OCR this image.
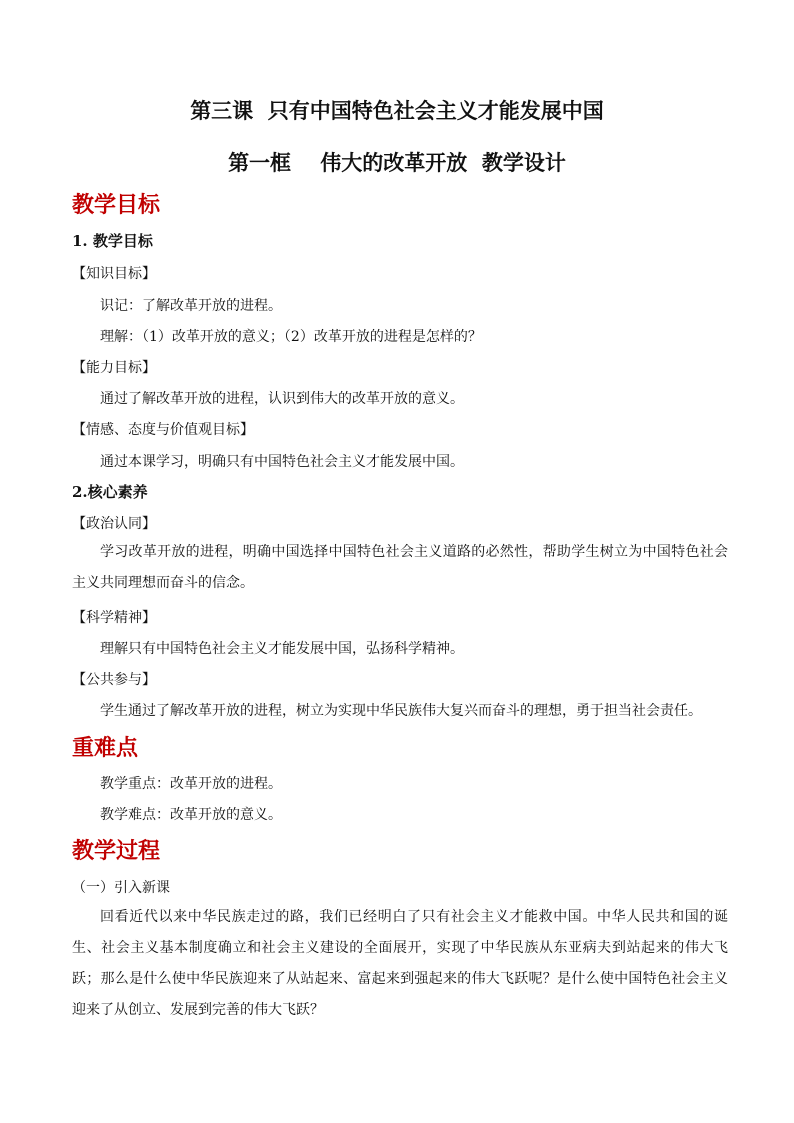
第三课  只有中国特色社会主义才能发展中国
第一框    伟大的改革开放  教学设计
教学目标
1. 教学目标
【知识目标】
识记：了解改革开放的进程。
理解：（1）改革开放的意义；（2）改革开放的进程是怎样的？
【能力目标】
通过了解改革开放的进程，认识到伟大的改革开放的意义。
【情感、态度与价值观目标】
通过本课学习，明确只有中国特色社会主义才能发展中国。
2.核心素养
【政治认同】
学习改革开放的进程，明确中国选择中国特色社会主义道路的必然性，帮助学生树立为中国特色社会主义共同理想而奋斗的信念。
【科学精神】
理解只有中国特色社会主义才能发展中国，弘扬科学精神。
【公共参与】
学生通过了解改革开放的进程，树立为实现中华民族伟大复兴而奋斗的理想，勇于担当社会责任。
重难点
教学重点：改革开放的进程。
教学难点：改革开放的意义。
教学过程
（一）引入新课
回看近代以来中华民族走过的路，我们已经明白了只有社会主义才能救中国。中华人民共和国的诞生、社会主义基本制度确立和社会主义建设的全面展开，实现了中华民族从东亚病夫到站起来的伟大飞跃；那么是什么使中华民族迎来了从站起来、富起来到强起来的伟大飞跃呢？是什么使中国特色社会主义迎来了从创立、发展到完善的伟大飞跃？
